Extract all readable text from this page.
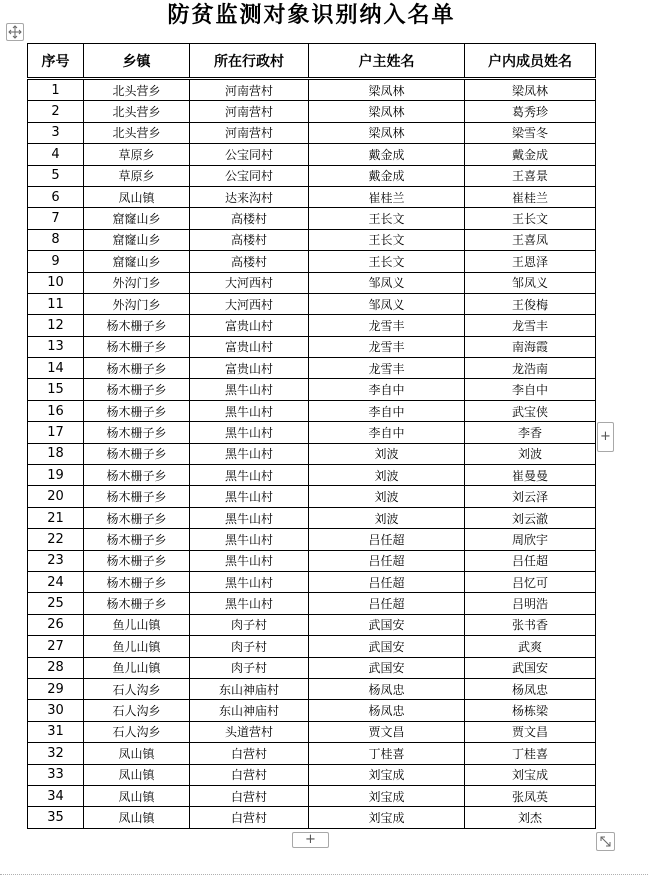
防贫监测对象识别纳入名单
序号	乡镇	所在行政村	户主姓名	户内成员姓名
1	北头营乡	河南营村	梁凤林	梁凤林
2	北头营乡	河南营村	梁凤林	葛秀珍
3	北头营乡	河南营村	梁凤林	梁雪冬
4	草原乡	公宝同村	戴金成	戴金成
5	草原乡	公宝同村	戴金成	王喜景
6	凤山镇	达来沟村	崔桂兰	崔桂兰
7	窟窿山乡	高楼村	王长文	王长文
8	窟窿山乡	高楼村	王长文	王喜凤
9	窟窿山乡	高楼村	王长文	王恩泽
10	外沟门乡	大河西村	邹凤义	邹凤义
11	外沟门乡	大河西村	邹凤义	王俊梅
12	杨木栅子乡	富贵山村	龙雪丰	龙雪丰
13	杨木栅子乡	富贵山村	龙雪丰	南海霞
14	杨木栅子乡	富贵山村	龙雪丰	龙浩南
15	杨木栅子乡	黑牛山村	李自中	李自中
16	杨木栅子乡	黑牛山村	李自中	武宝侠
17	杨木栅子乡	黑牛山村	李自中	李香
18	杨木栅子乡	黑牛山村	刘波	刘波
19	杨木栅子乡	黑牛山村	刘波	崔曼曼
20	杨木栅子乡	黑牛山村	刘波	刘云泽
21	杨木栅子乡	黑牛山村	刘波	刘云澈
22	杨木栅子乡	黑牛山村	吕任超	周欣宇
23	杨木栅子乡	黑牛山村	吕任超	吕任超
24	杨木栅子乡	黑牛山村	吕任超	吕忆可
25	杨木栅子乡	黑牛山村	吕任超	吕明浩
26	鱼儿山镇	肉子村	武国安	张书香
27	鱼儿山镇	肉子村	武国安	武爽
28	鱼儿山镇	肉子村	武国安	武国安
29	石人沟乡	东山神庙村	杨凤忠	杨凤忠
30	石人沟乡	东山神庙村	杨凤忠	杨栋梁
31	石人沟乡	头道营村	贾文昌	贾文昌
32	凤山镇	白营村	丁桂喜	丁桂喜
33	凤山镇	白营村	刘宝成	刘宝成
34	凤山镇	白营村	刘宝成	张凤英
35	凤山镇	白营村	刘宝成	刘杰
+
+
